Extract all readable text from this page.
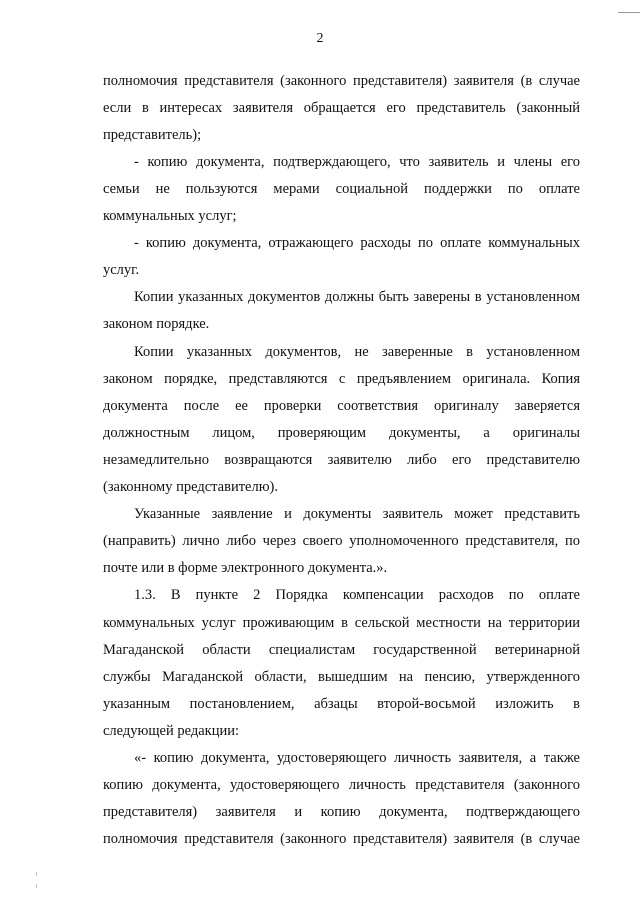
2
полномочия представителя (законного представителя) заявителя (в случае
если в интересах заявителя обращается его представитель (законный
представитель);
- копию документа, подтверждающего, что заявитель и члены его
семьи не пользуются мерами социальной поддержки по оплате
коммунальных услуг;
- копию документа, отражающего расходы по оплате коммунальных
услуг.
Копии указанных документов должны быть заверены в установленном
законом порядке.
Копии указанных документов, не заверенные в установленном
законом порядке, представляются с предъявлением оригинала. Копия
документа после ее проверки соответствия оригиналу заверяется
должностным лицом, проверяющим документы, а оригиналы
незамедлительно возвращаются заявителю либо его представителю
(законному представителю).
Указанные заявление и документы заявитель может представить
(направить) лично либо через своего уполномоченного представителя, по
почте или в форме электронного документа.».
1.3. В пункте 2 Порядка компенсации расходов по оплате
коммунальных услуг проживающим в сельской местности на территории
Магаданской области специалистам государственной ветеринарной
службы Магаданской области, вышедшим на пенсию, утвержденного
указанным постановлением, абзацы второй-восьмой изложить в
следующей редакции:
«- копию документа, удостоверяющего личность заявителя, а также
копию документа, удостоверяющего личность представителя (законного
представителя) заявителя и копию документа, подтверждающего
полномочия представителя (законного представителя) заявителя (в случае
